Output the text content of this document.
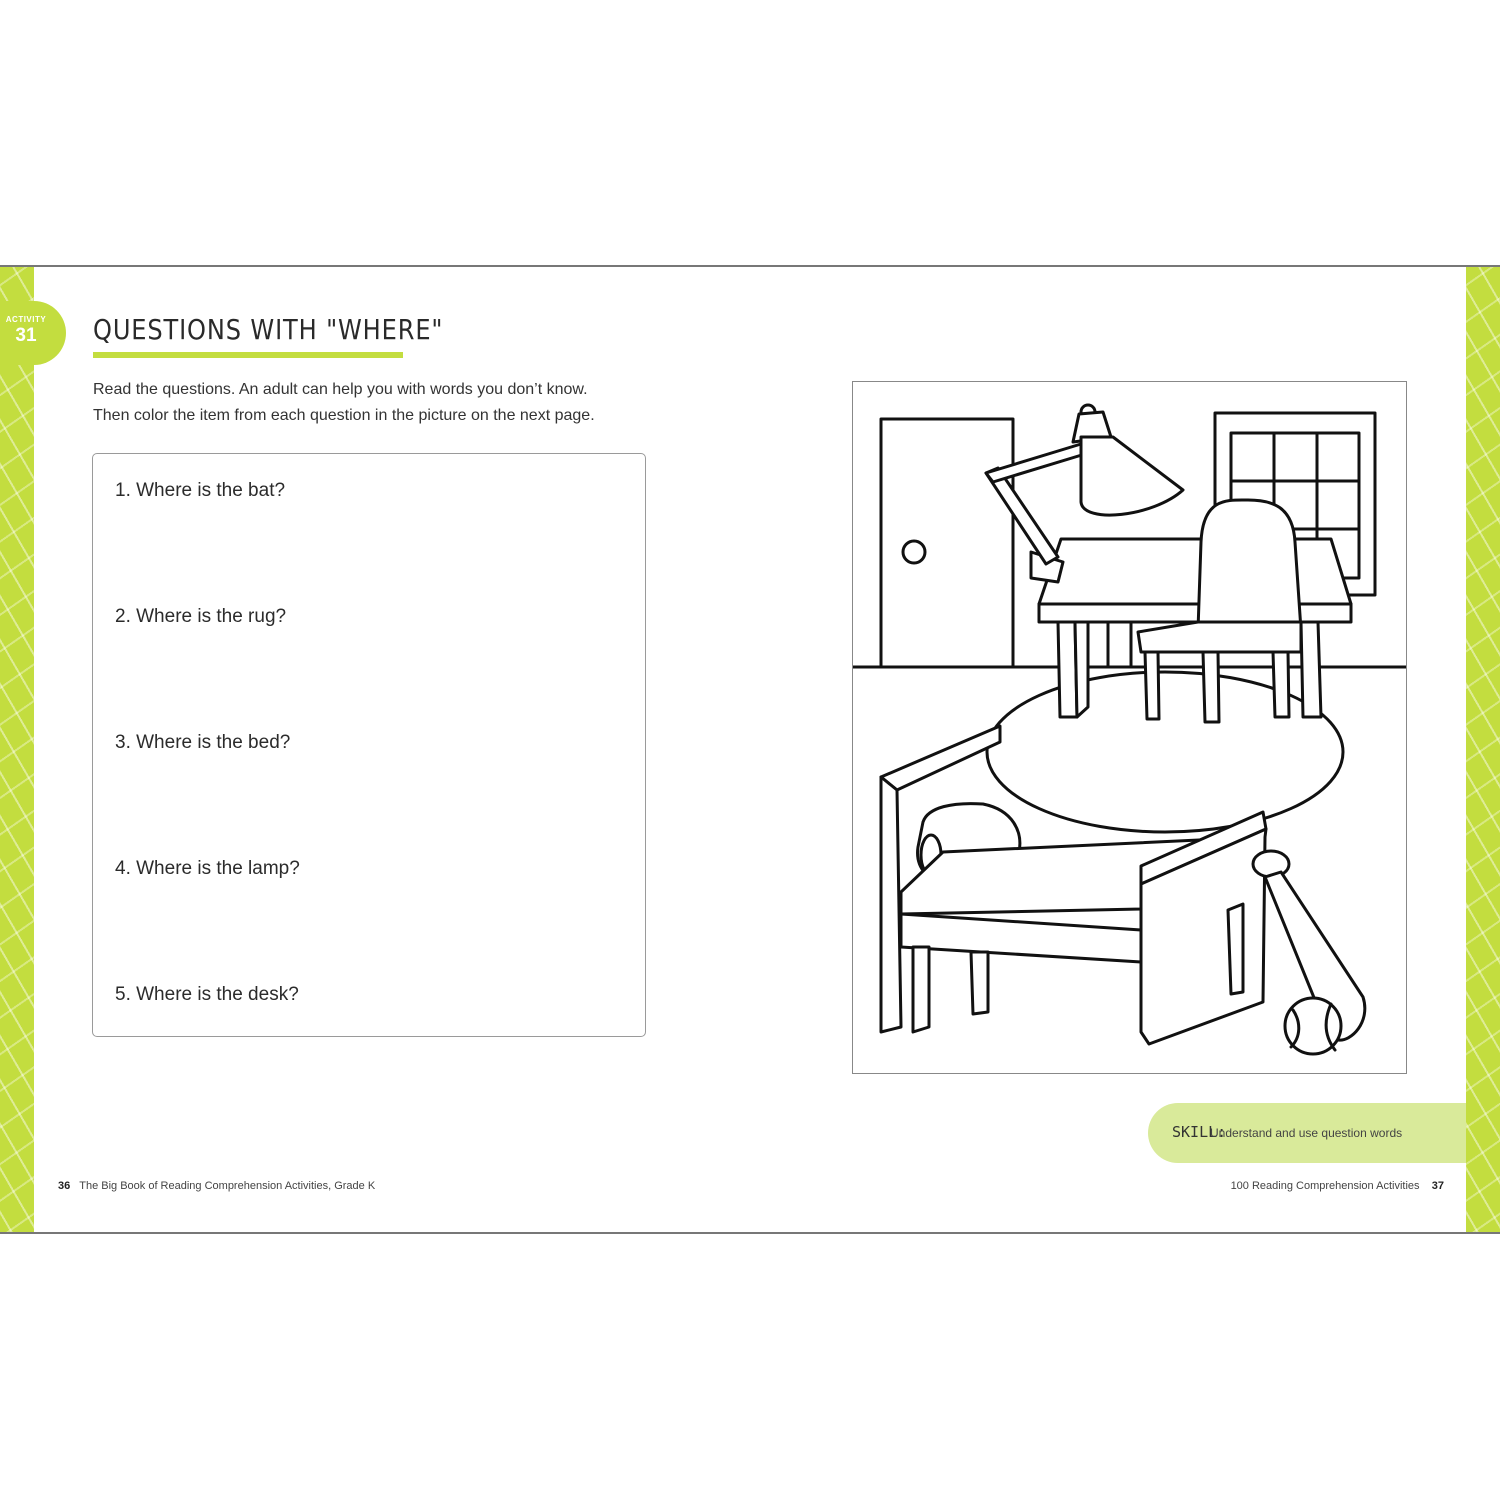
ACTIVITY
31	QUESTIONS WITH "WHERE"
Read the questions. An adult can help you with words you don’t know.
Then color the item from each question in the picture on the next page.
1. Where is the bat?
2. Where is the rug?
3. Where is the bed?
4. Where is the lamp?
5. Where is the desk?
SKILL:
Understand and use question words
36 The Big Book of Reading Comprehension Activities, Grade K	100 Reading Comprehension Activities 37
